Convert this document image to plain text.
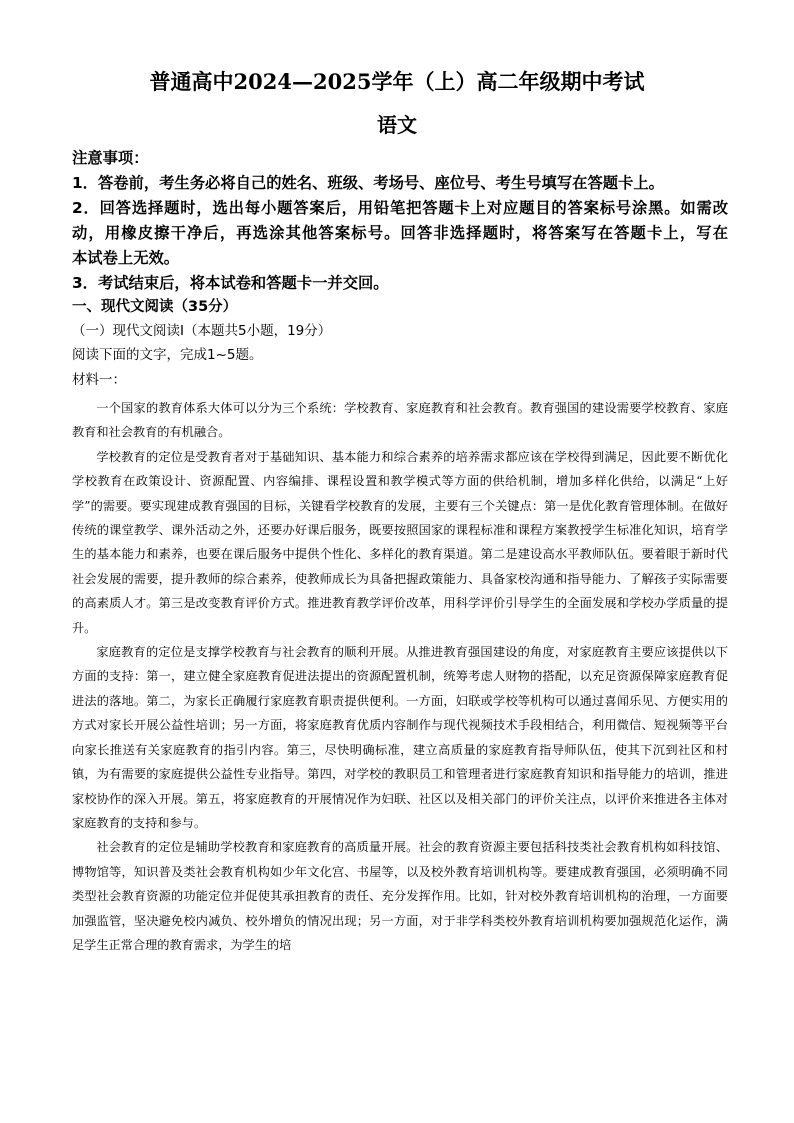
普通高中2024—2025学年（上）高二年级期中考试
语文

注意事项：

1．答卷前，考生务必将自己的姓名、班级、考场号、座位号、考生号填写在答题卡上。

2．回答选择题时，选出每小题答案后，用铅笔把答题卡上对应题目的答案标号涂黑。如需改

动，用橡皮擦干净后，再选涂其他答案标号。回答非选择题时，将答案写在答题卡上，写在

本试卷上无效。

3．考试结束后，将本试卷和答题卡一并交回。

一、现代文阅读（35分）
（一）现代文阅读Ⅰ（本题共5小题，19分）
阅读下面的文字，完成1~5题。
材料一：

一个国家的教育体系大体可以分为三个系统：学校教育、家庭教育和社会教育。教育强国的建设需要学校教育、家庭教育和社会教育的有机融合。

学校教育的定位是受教育者对于基础知识、基本能力和综合素养的培养需求都应该在学校得到满足，因此要不断优化学校教育在政策设计、资源配置、内容编排、课程设置和教学模式等方面的供给机制，增加多样化供给，以满足“上好学”的需要。要实现建成教育强国的目标，关键看学校教育的发展，主要有三个关键点：第一是优化教育管理体制。在做好传统的课堂教学、课外活动之外，还要办好课后服务，既要按照国家的课程标准和课程方案教授学生标准化知识，培育学生的基本能力和素养，也要在课后服务中提供个性化、多样化的教育渠道。第二是建设高水平教师队伍。要着眼于新时代社会发展的需要，提升教师的综合素养，使教师成长为具备把握政策能力、具备家校沟通和指导能力、了解孩子实际需要的高素质人才。第三是改变教育评价方式。推进教育教学评价改革，用科学评价引导学生的全面发展和学校办学质量的提升。

家庭教育的定位是支撑学校教育与社会教育的顺利开展。从推进教育强国建设的角度，对家庭教育主要应该提供以下方面的支持：第一，建立健全家庭教育促进法提出的资源配置机制，统筹考虑人财物的搭配，以充足资源保障家庭教育促进法的落地。第二，为家长正确履行家庭教育职责提供便利。一方面，妇联或学校等机构可以通过喜闻乐见、方便实用的方式对家长开展公益性培训；另一方面，将家庭教育优质内容制作与现代视频技术手段相结合，利用微信、短视频等平台向家长推送有关家庭教育的指引内容。第三，尽快明确标准，建立高质量的家庭教育指导师队伍，使其下沉到社区和村镇，为有需要的家庭提供公益性专业指导。第四，对学校的教职员工和管理者进行家庭教育知识和指导能力的培训，推进家校协作的深入开展。第五，将家庭教育的开展情况作为妇联、社区以及相关部门的评价关注点，以评价来推进各主体对家庭教育的支持和参与。

社会教育的定位是辅助学校教育和家庭教育的高质量开展。社会的教育资源主要包括科技类社会教育机构如科技馆、博物馆等，知识普及类社会教育机构如少年文化宫、书屋等，以及校外教育培训机构等。要建成教育强国，必须明确不同类型社会教育资源的功能定位并促使其承担教育的责任、充分发挥作用。比如，针对校外教育培训机构的治理，一方面要加强监管，坚决避免校内减负、校外增负的情况出现；另一方面，对于非学科类校外教育培训机构要加强规范化运作，满足学生正常合理的教育需求，为学生的培
